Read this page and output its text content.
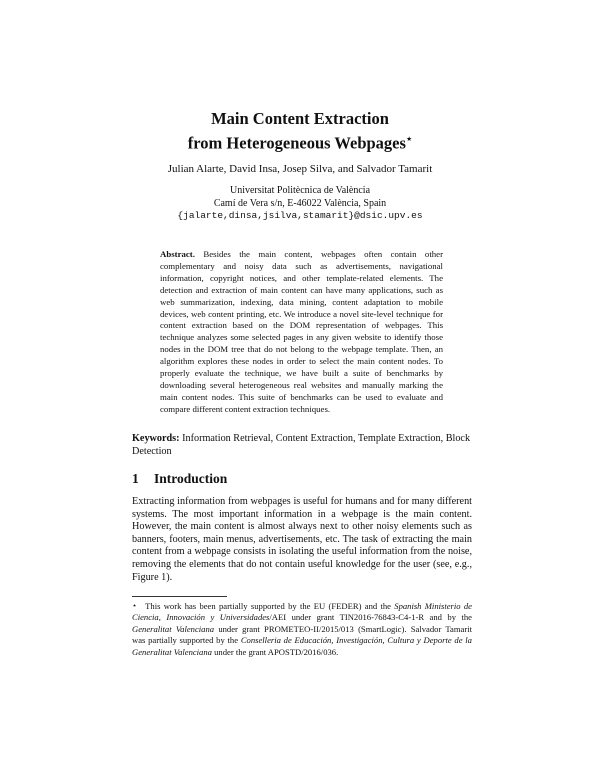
Main Content Extraction
from Heterogeneous Webpages⋆
Julian Alarte, David Insa, Josep Silva, and Salvador Tamarit
Universitat Politècnica de València
Camí de Vera s/n, E-46022 València, Spain
{jalarte,dinsa,jsilva,stamarit}@dsic.upv.es
Abstract. Besides the main content, webpages often contain other complementary and noisy data such as advertisements, navigational information, copyright notices, and other template-related elements. The detection and extraction of main content can have many applications, such as web summarization, indexing, data mining, content adaptation to mobile devices, web content printing, etc. We introduce a novel site-level technique for content extraction based on the DOM representation of webpages. This technique analyzes some selected pages in any given website to identify those nodes in the DOM tree that do not belong to the webpage template. Then, an algorithm explores these nodes in order to select the main content nodes. To properly evaluate the technique, we have built a suite of benchmarks by downloading several heterogeneous real websites and manually marking the main content nodes. This suite of benchmarks can be used to evaluate and compare different content extraction techniques.
Keywords: Information Retrieval, Content Extraction, Template Extraction, Block Detection
1 Introduction
Extracting information from webpages is useful for humans and for many different systems. The most important information in a webpage is the main content. However, the main content is almost always next to other noisy elements such as banners, footers, main menus, advertisements, etc. The task of extracting the main content from a webpage consists in isolating the useful information from the noise, removing the elements that do not contain useful knowledge for the user (see, e.g., Figure 1).
⋆ This work has been partially supported by the EU (FEDER) and the Spanish Ministerio de Ciencia, Innovación y Universidades/AEI under grant TIN2016-76843-C4-1-R and by the Generalitat Valenciana under grant PROMETEO-II/2015/013 (SmartLogic). Salvador Tamarit was partially supported by the Conselleria de Educación, Investigación, Cultura y Deporte de la Generalitat Valenciana under the grant APOSTD/2016/036.
